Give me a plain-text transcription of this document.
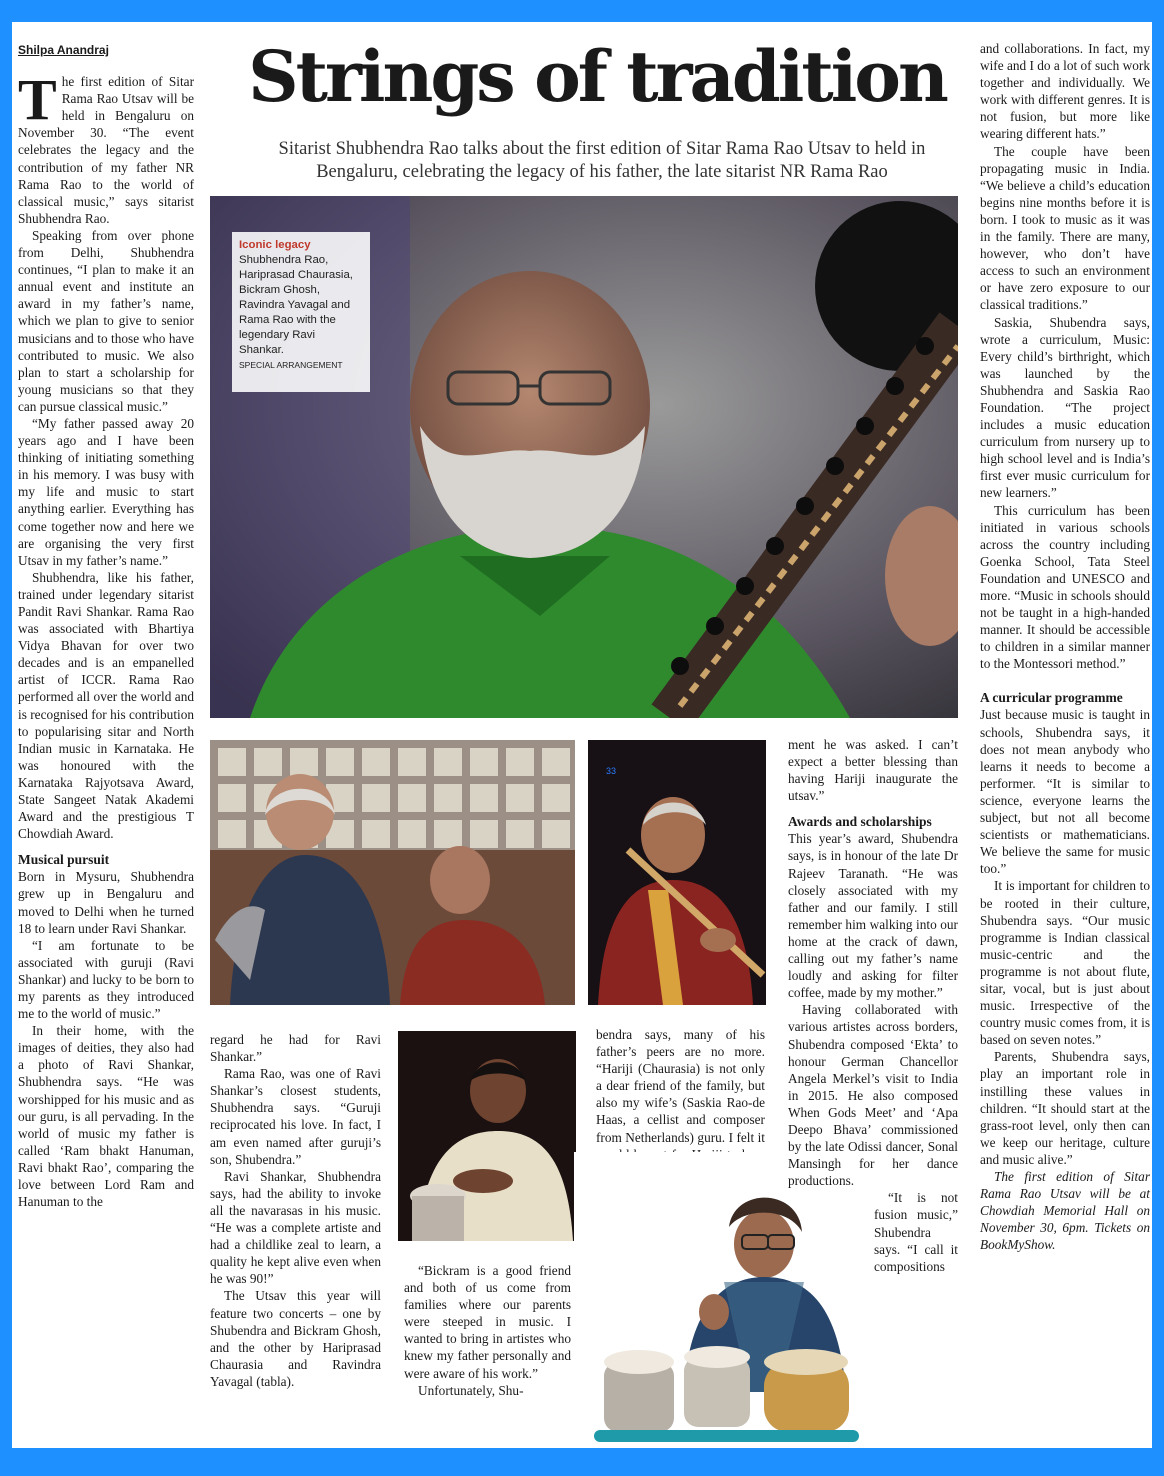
Shilpa Anandraj

The first edition of Sitar Rama Rao Utsav will be held in Bengaluru on November 30. “The event celebrates the legacy and the contribution of my father NR Rama Rao to the world of classical music,” says sitarist Shubhendra Rao.

Speaking from over phone from Delhi, Shubhendra continues, “I plan to make it an annual event and institute an award in my father’s name, which we plan to give to senior musicians and to those who have contributed to music. We also plan to start a scholarship for young musicians so that they can pursue classical music.”

“My father passed away 20 years ago and I have been thinking of initiating something in his memory. I was busy with my life and music to start anything earlier. Everything has come together now and here we are organising the very first Utsav in my father’s name.”

Shubhendra, like his father, trained under legendary sitarist Pandit Ravi Shankar. Rama Rao was associated with Bhartiya Vidya Bhavan for over two decades and is an empanelled artist of ICCR. Rama Rao performed all over the world and is recognised for his contribution to popularising sitar and North Indian music in Karnataka. He was honoured with the Karnataka Rajyotsava Award, State Sangeet Natak Akademi Award and the prestigious T Chowdiah Award.

Musical pursuit

Born in Mysuru, Shubhendra grew up in Bengaluru and moved to Delhi when he turned 18 to learn under Ravi Shankar.

“I am fortunate to be associated with guruji (Ravi Shankar) and lucky to be born to my parents as they introduced me to the world of music.”

In their home, with the images of deities, they also had a photo of Ravi Shankar, Shubhendra says. “He was worshipped for his music and as our guru, is all pervading. In the world of music my father is called ‘Ram bhakt Hanuman, Ravi bhakt Rao’, comparing the love between Lord Ram and Hanuman to the

Strings of tradition
Sitarist Shubhendra Rao talks about the first edition of Sitar Rama Rao Utsav to held in Bengaluru, celebrating the legacy of his father, the late sitarist NR Rama Rao
Iconic legacy
Shubhendra Rao, Hariprasad Chaurasia, Bickram Ghosh, Ravindra Yavagal and Rama Rao with the legendary Ravi Shankar.
SPECIAL ARRANGEMENT
33

regard he had for Ravi Shankar.”

Rama Rao, was one of Ravi Shankar’s closest students, Shubhendra says. “Guruji reciprocated his love. In fact, I am even named after guruji’s son, Shubendra.”

Ravi Shankar, Shubhendra says, had the ability to invoke all the navarasas in his music. “He was a complete artiste and had a childlike zeal to learn, a quality he kept alive even when he was 90!”

The Utsav this year will feature two concerts – one by Shubendra and Bickram Ghosh, and the other by Hariprasad Chaurasia and Ravindra Yavagal (tabla).

“Bickram is a good friend and both of us come from families where our parents were steeped in music. I wanted to bring in artistes who knew my father personally and were aware of his work.”

Unfortunately, Shu-

bendra says, many of his father’s peers are no more. “Hariji (Chaurasia) is not only a dear friend of the family, but also my wife’s (Saskia Rao-de Haas, a cellist and composer from Netherlands) guru. I felt it

ment he was asked. I can’t expect a better blessing than having Hariji inaugurate the utsav.”

Awards and scholarships

This year’s award, Shubendra says, is in honour of the late Dr Rajeev Taranath. “He was closely associated with my father and our family. I still remember him walking into our home at the crack of dawn, calling out my father’s name loudly and asking for filter coffee, made by my mother.”

Having collaborated with various artistes across borders, Shubendra composed ‘Ekta’ to honour German Chancellor Angela Merkel’s visit to India in 2015. He also composed When Gods Meet’ and ‘Apa Deepo Bhava’ commissioned by the late Odissi dancer, Sonal Mansingh for her dance productions.

“It is not fusion music,” Shubendra says. “I call it compositions

and collaborations. In fact, my wife and I do a lot of such work together and individually. We work with different genres. It is not fusion, but more like wearing different hats.”

The couple have been propagating music in India. “We believe a child’s education begins nine months before it is born. I took to music as it was in the family. There are many, however, who don’t have access to such an environment or have zero exposure to our classical traditions.”

Saskia, Shubendra says, wrote a curriculum, Music: Every child’s birthright, which was launched by the Shubhendra and Saskia Rao Foundation. “The project includes a music education curriculum from nursery up to high school level and is India’s first ever music curriculum for new learners.”

This curriculum has been initiated in various schools across the country including Goenka School, Tata Steel Foundation and UNESCO and more. “Music in schools should not be taught in a high-handed manner. It should be accessible to children in a similar manner to the Montessori method.”

A curricular programme

Just because music is taught in schools, Shubendra says, it does not mean anybody who learns it needs to become a performer. “It is similar to science, everyone learns the subject, but not all become scientists or mathematicians. We believe the same for music too.”

It is important for children to be rooted in their culture, Shubendra says. “Our music programme is Indian classical music-centric and the programme is not about flute, sitar, vocal, but is just about music. Irrespective of the country music comes from, it is based on seven notes.”

Parents, Shubendra says, play an important role in instilling these values in children. “It should start at the grass-root level, only then can we keep our heritage, culture and music alive.”

The first edition of Sitar Rama Rao Utsav will be at Chowdiah Memorial Hall on November 30, 6pm. Tickets on BookMyShow.
